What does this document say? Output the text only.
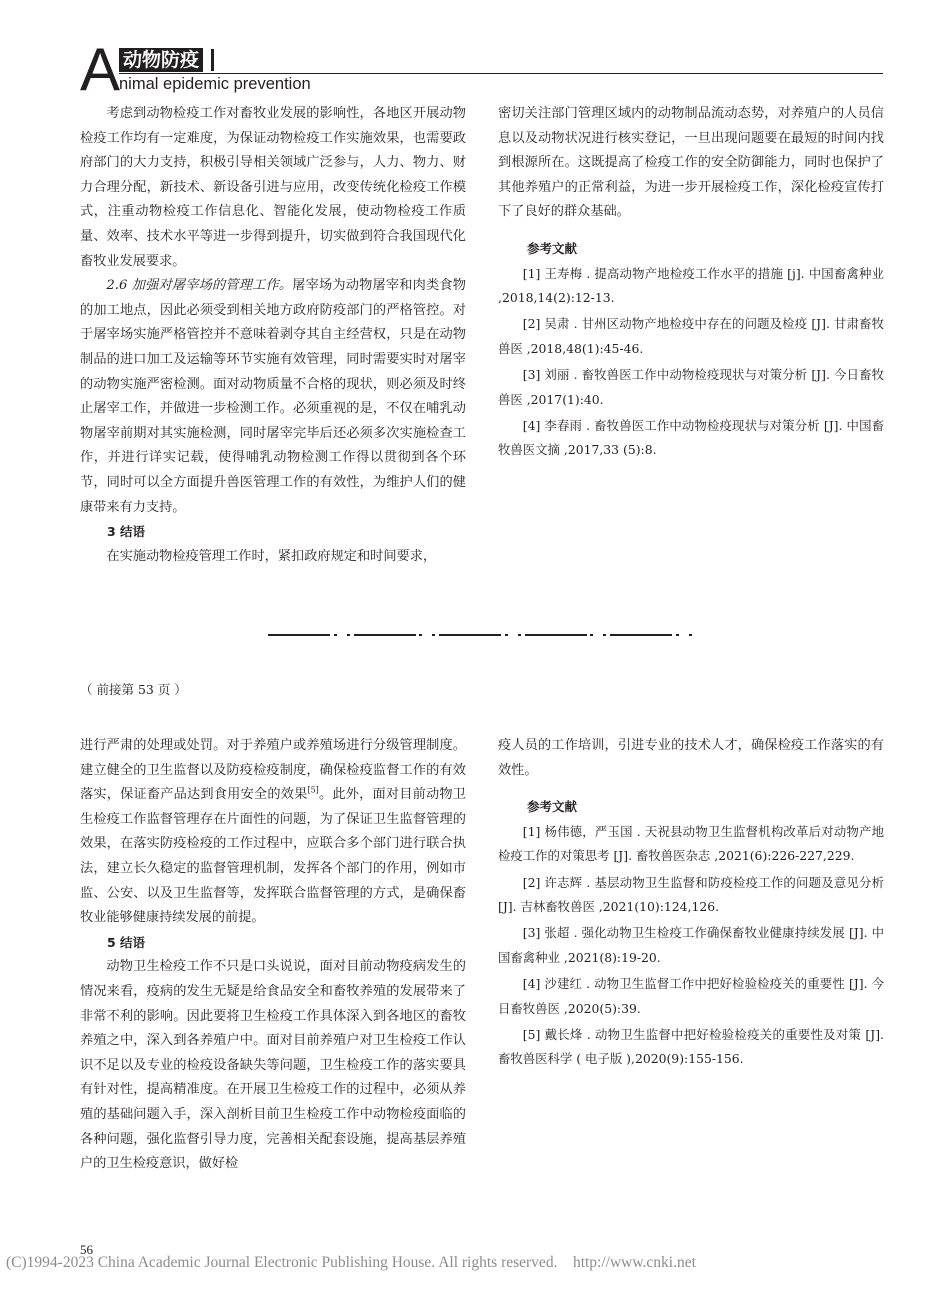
A 动物防疫
nimal epidemic prevention

考虑到动物检疫工作对畜牧业发展的影响性，各地区开展动物检疫工作均有一定难度，为保证动物检疫工作实施效果，也需要政府部门的大力支持，积极引导相关领域广泛参与，人力、物力、财力合理分配，新技术、新设备引进与应用，改变传统化检疫工作模式，注重动物检疫工作信息化、智能化发展，使动物检疫工作质量、效率、技术水平等进一步得到提升，切实做到符合我国现代化畜牧业发展要求。

2.6 加强对屠宰场的管理工作。屠宰场为动物屠宰和肉类食物的加工地点，因此必须受到相关地方政府防疫部门的严格管控。对于屠宰场实施严格管控并不意味着剥夺其自主经营权，只是在动物制品的进口加工及运输等环节实施有效管理，同时需要实时对屠宰的动物实施严密检测。面对动物质量不合格的现状，则必须及时终止屠宰工作，并做进一步检测工作。必须重视的是，不仅在哺乳动物屠宰前期对其实施检测，同时屠宰完毕后还必须多次实施检查工作，并进行详实记载，使得哺乳动物检测工作得以贯彻到各个环节，同时可以全方面提升兽医管理工作的有效性，为维护人们的健康带来有力支持。

3 结语

在实施动物检疫管理工作时，紧扣政府规定和时间要求，

密切关注部门管理区域内的动物制品流动态势，对养殖户的人员信息以及动物状况进行核实登记，一旦出现问题要在最短的时间内找到根源所在。这既提高了检疫工作的安全防御能力，同时也保护了其他养殖户的正常利益，为进一步开展检疫工作，深化检疫宣传打下了良好的群众基础。

参考文献

[1] 王寿梅 . 提高动物产地检疫工作水平的措施 [j]. 中国畜禽种业 ,2018,14(2):12-13.

[2] 吴肃 . 甘州区动物产地检疫中存在的问题及检疫 [J]. 甘肃畜牧兽医 ,2018,48(1):45-46.

[3] 刘丽 . 畜牧兽医工作中动物检疫现状与对策分析 [J]. 今日畜牧兽医 ,2017(1):40.

[4] 李春雨 . 畜牧兽医工作中动物检疫现状与对策分析 [J]. 中国畜牧兽医文摘 ,2017,33 (5):8.

（ 前接第 53 页 ）

进行严肃的处理或处罚。对于养殖户或养殖场进行分级管理制度。建立健全的卫生监督以及防疫检疫制度，确保检疫监督工作的有效落实，保证畜产品达到食用安全的效果[5]。此外，面对目前动物卫生检疫工作监督管理存在片面性的问题，为了保证卫生监督管理的效果，在落实防疫检疫的工作过程中，应联合多个部门进行联合执法，建立长久稳定的监督管理机制，发挥各个部门的作用，例如市监、公安、以及卫生监督等，发挥联合监督管理的方式，是确保畜牧业能够健康持续发展的前提。

5 结语

动物卫生检疫工作不只是口头说说，面对目前动物疫病发生的情况来看，疫病的发生无疑是给食品安全和畜牧养殖的发展带来了非常不利的影响。因此要将卫生检疫工作具体深入到各地区的畜牧养殖之中，深入到各养殖户中。面对目前养殖户对卫生检疫工作认识不足以及专业的检疫设备缺失等问题，卫生检疫工作的落实要具有针对性，提高精准度。在开展卫生检疫工作的过程中，必须从养殖的基础问题入手，深入剖析目前卫生检疫工作中动物检疫面临的各种问题，强化监督引导力度，完善相关配套设施，提高基层养殖户的卫生检疫意识，做好检

疫人员的工作培训，引进专业的技术人才，确保检疫工作落实的有效性。

参考文献

[1] 杨伟德，严玉国 . 天祝县动物卫生监督机构改革后对动物产地检疫工作的对策思考 [J]. 畜牧兽医杂志 ,2021(6):226-227,229.

[2] 许志辉 . 基层动物卫生监督和防疫检疫工作的问题及意见分析 [J]. 吉林畜牧兽医 ,2021(10):124,126.

[3] 张超 . 强化动物卫生检疫工作确保畜牧业健康持续发展 [J]. 中国畜禽种业 ,2021(8):19-20.

[4] 沙建红 . 动物卫生监督工作中把好检验检疫关的重要性 [J]. 今日畜牧兽医 ,2020(5):39.

[5] 戴长烽 . 动物卫生监督中把好检验检疫关的重要性及对策 [J]. 畜牧兽医科学 ( 电子版 ),2020(9):155-156.

56
(C)1994-2023 China Academic Journal Electronic Publishing House. All rights reserved.    http://www.cnki.net
